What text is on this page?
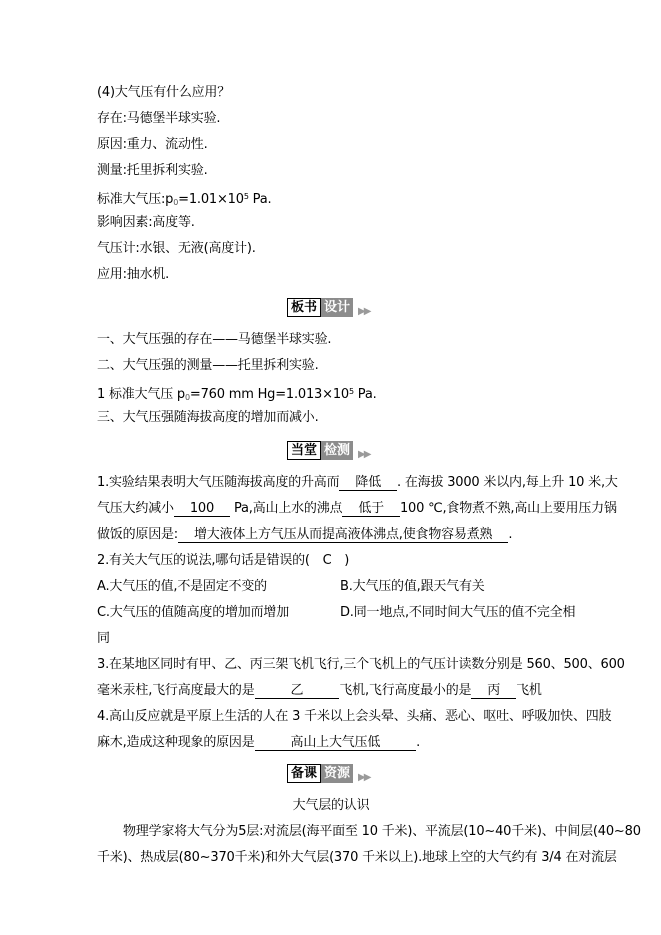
(4)大气压有什么应用？
存在:马德堡半球实验.
原因:重力、流动性.
测量:托里拆利实验.
标准大气压$:p_0=1.01\times 10^5$ Pa.
影响因素:高度等.
气压计:水银、无液(高度计).
应用:抽水机.
板书 设计 ▶▶
一、大气压强的存在——马德堡半球实验.
二、大气压强的测量——托里拆利实验.
1 标准大气压 $p_0=760$ mm $Hg=1.013\times 10^5$ Pa.
三、大气压强随海拔高度的增加而减小.
当堂 检测 ▶▶
1.实验结果表明大气压随海拔高度的升高而 降低 . 在海拔 3000 米以内,每上升 10 米,大
气压大约减小 100 Pa,高山上水的沸点 低于 100 ℃,食物煮不熟,高山上要用压力锅
做饭的原因是: 增大液体上方气压从而提高液体沸点,使食物容易煮熟 .
2.有关大气压的说法,哪句话是错误的(　C　)
A.大气压的值,不是固定不变的	B.大气压的值,跟天气有关
C.大气压的值随高度的增加而增加	D.同一地点,不同时间大气压的值不完全相
同
3.在某地区同时有甲、乙、丙三架飞机飞行,三个飞机上的气压计读数分别是 560、500、600
毫米汞柱,飞行高度最大的是	乙	飞机,飞行高度最小的是 丙 飞机
4.高山反应就是平原上生活的人在 3 千米以上会头晕、头痛、恶心、呕吐、呼吸加快、四肢
麻木,造成这种现象的原因是	高山上大气压低	.
备课 资源 ▶▶
大气层的认识
物理学家将大气分为5层:对流层(海平面至 10 千米)、平流层(10~40千米)、中间层(40~80
千米)、热成层(80~370千米)和外大气层(370 千米以上).地球上空的大气约有 3/4 在对流层
